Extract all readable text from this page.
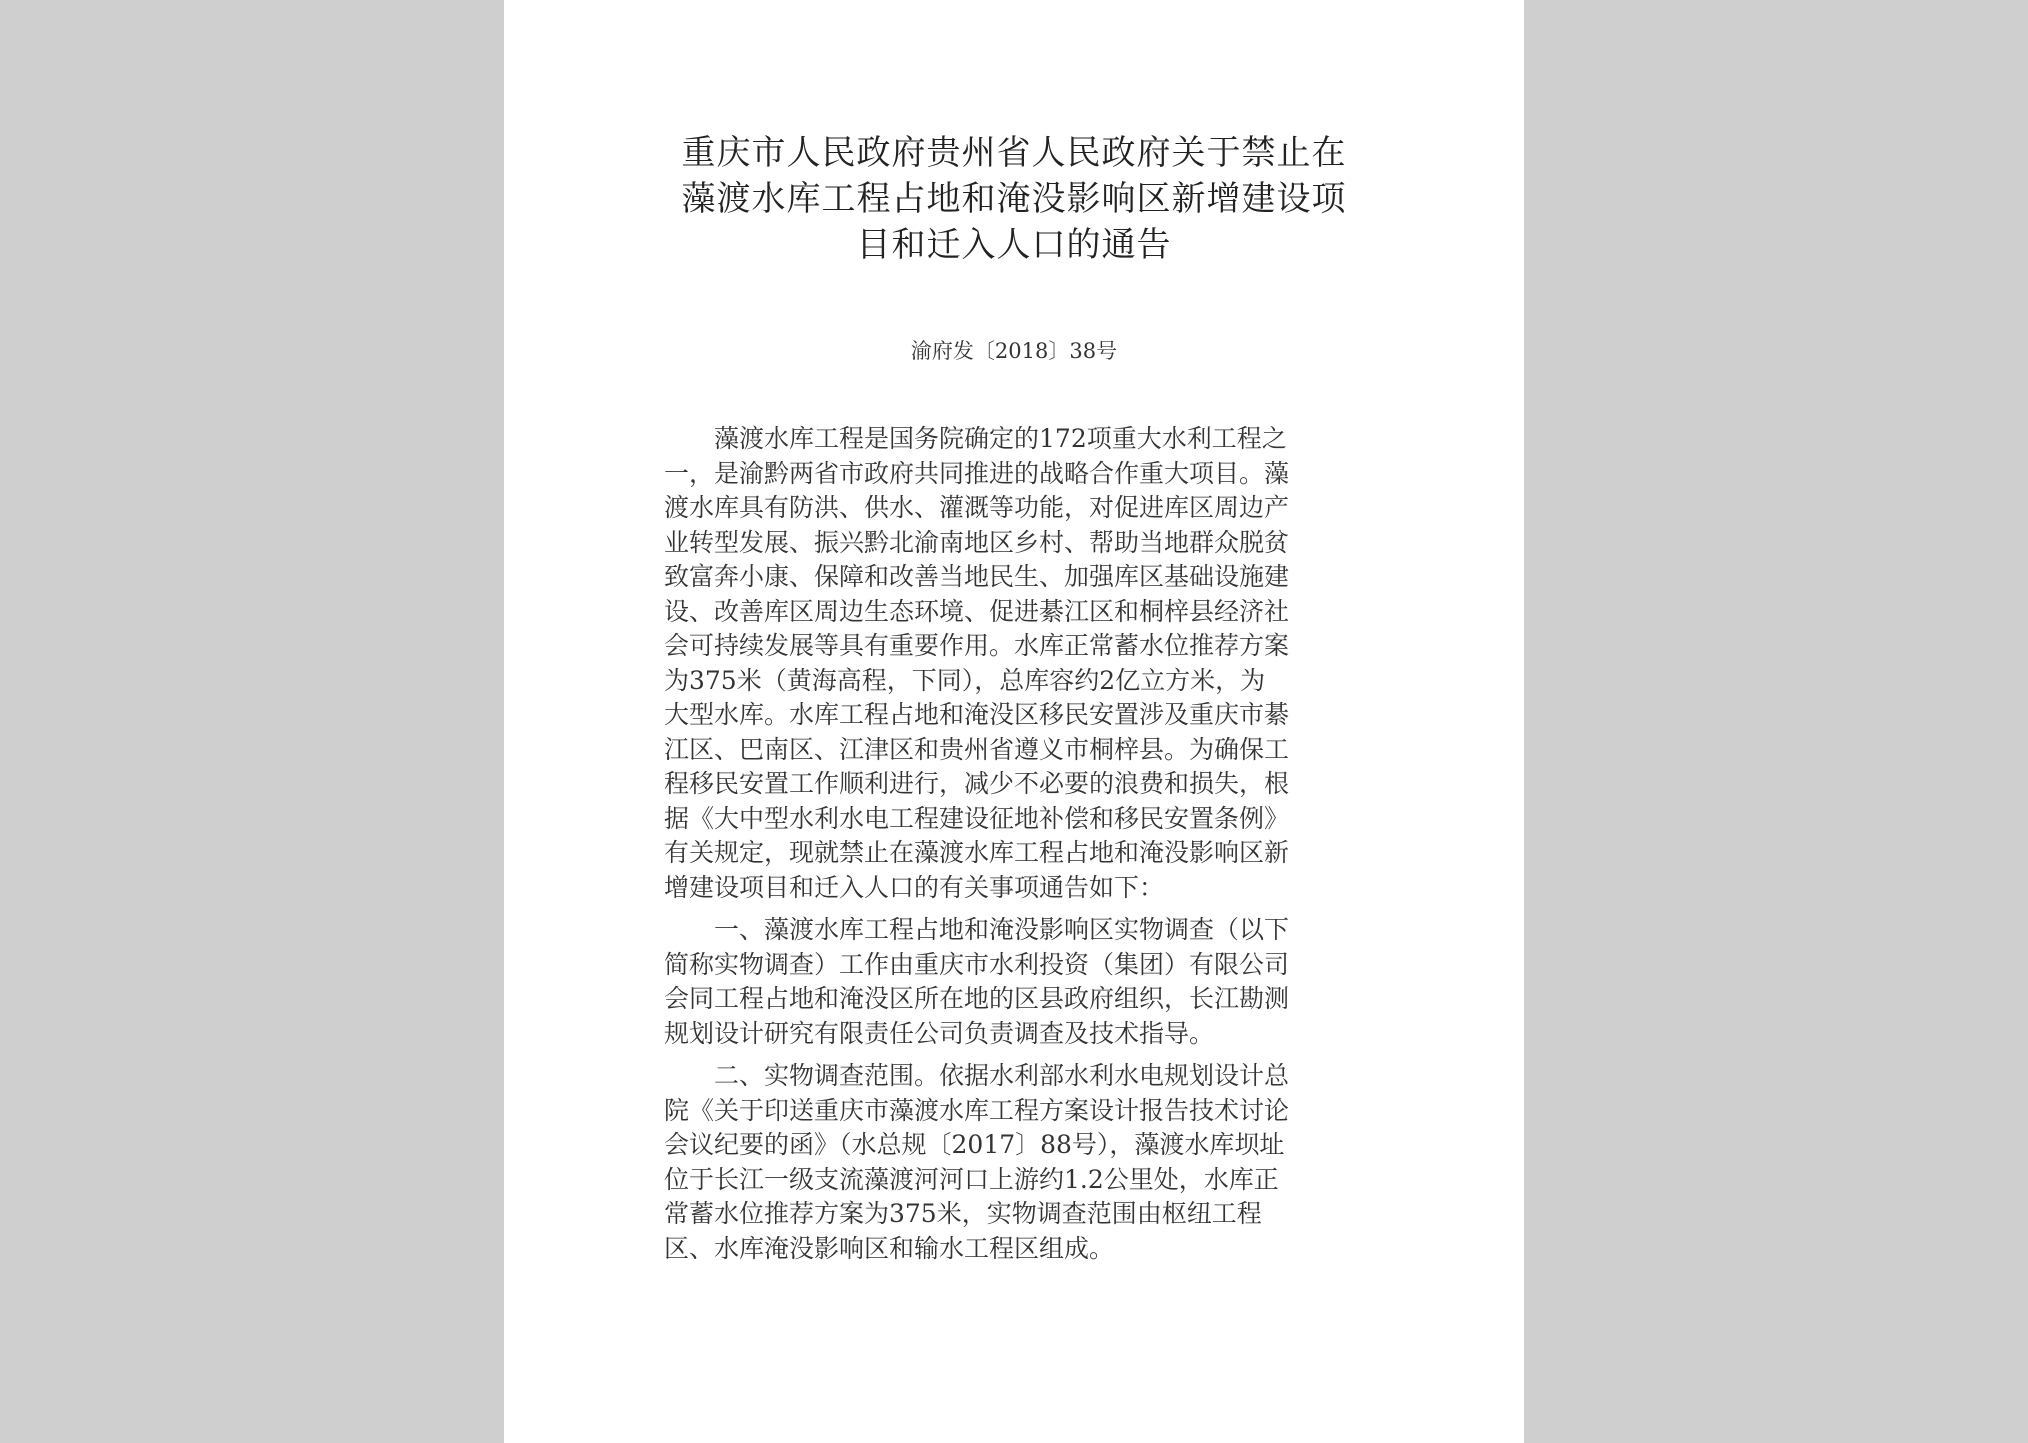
重庆市人民政府贵州省人民政府关于禁止在
藻渡水库工程占地和淹没影响区新增建设项
目和迁入人口的通告
渝府发〔2018〕38号
藻渡水库工程是国务院确定的172项重大水利工程之
一，是渝黔两省市政府共同推进的战略合作重大项目。藻
渡水库具有防洪、供水、灌溉等功能，对促进库区周边产
业转型发展、振兴黔北渝南地区乡村、帮助当地群众脱贫
致富奔小康、保障和改善当地民生、加强库区基础设施建
设、改善库区周边生态环境、促进綦江区和桐梓县经济社
会可持续发展等具有重要作用。水库正常蓄水位推荐方案
为375米（黄海高程，下同），总库容约2亿立方米，为
大型水库。水库工程占地和淹没区移民安置涉及重庆市綦
江区、巴南区、江津区和贵州省遵义市桐梓县。为确保工
程移民安置工作顺利进行，减少不必要的浪费和损失，根
据《大中型水利水电工程建设征地补偿和移民安置条例》
有关规定，现就禁止在藻渡水库工程占地和淹没影响区新
增建设项目和迁入人口的有关事项通告如下：
一、藻渡水库工程占地和淹没影响区实物调查（以下
简称实物调查）工作由重庆市水利投资（集团）有限公司
会同工程占地和淹没区所在地的区县政府组织，长江勘测
规划设计研究有限责任公司负责调查及技术指导。
二、实物调查范围。依据水利部水利水电规划设计总
院《关于印送重庆市藻渡水库工程方案设计报告技术讨论
会议纪要的函》（水总规〔2017〕88号），藻渡水库坝址
位于长江一级支流藻渡河河口上游约1.2公里处，水库正
常蓄水位推荐方案为375米，实物调查范围由枢纽工程
区、水库淹没影响区和输水工程区组成。
